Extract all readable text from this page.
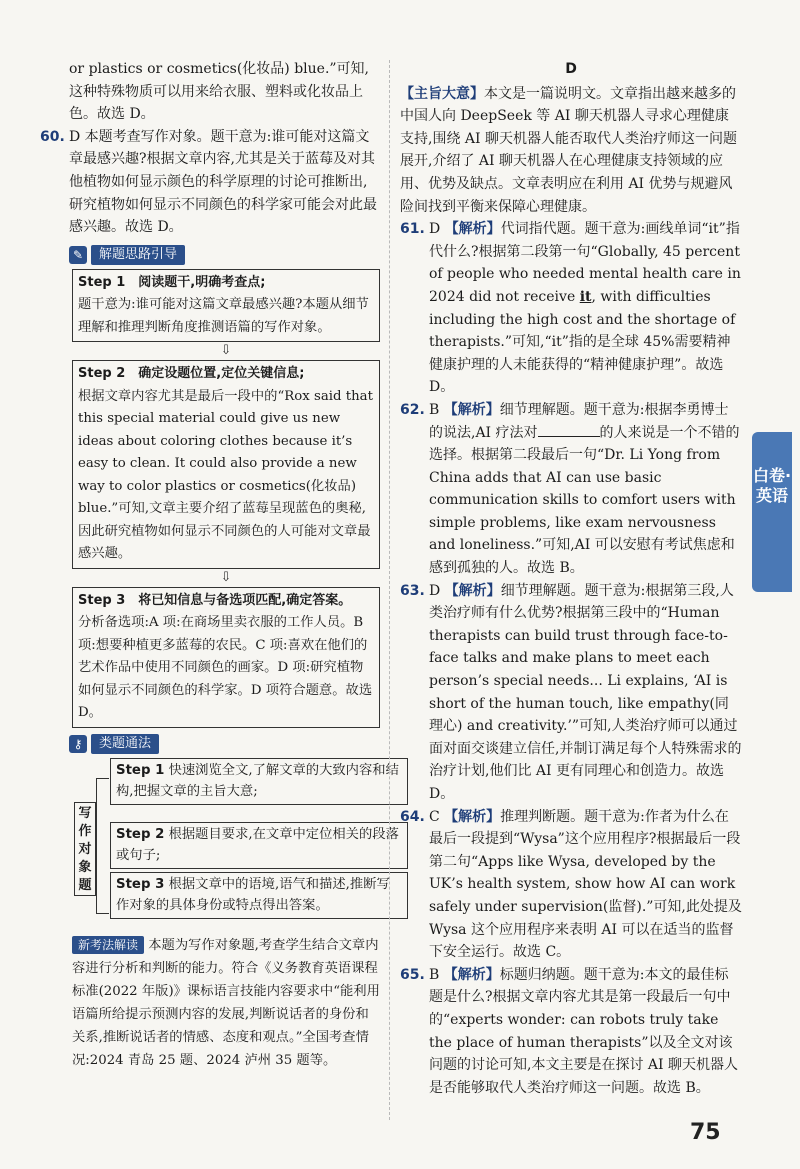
or plastics or cosmetics(化妆品) blue.”可知,这种特殊物质可以用来给衣服、塑料或化妆品上色。故选 D。

60. D 本题考查写作对象。题干意为:谁可能对这篇文章最感兴趣?根据文章内容,尤其是关于蓝莓及对其他植物如何显示颜色的科学原理的讨论可推断出,研究植物如何显示不同颜色的科学家可能会对此最感兴趣。故选 D。

✎	解题思路引导
Step 1　阅读题干,明确考查点;
题干意为:谁可能对这篇文章最感兴趣?本题从细节理解和推理判断角度推测语篇的写作对象。
⇩
Step 2　确定设题位置,定位关键信息;
根据文章内容尤其是最后一段中的“Rox said that this special material could give us new ideas about coloring clothes because it’s easy to clean. It could also provide a new way to color plastics or cosmetics(化妆品) blue.”可知,文章主要介绍了蓝莓呈现蓝色的奥秘,因此研究植物如何显示不同颜色的人可能对文章最感兴趣。
⇩
Step 3　将已知信息与备选项匹配,确定答案。
分析备选项:A 项:在商场里卖衣服的工作人员。B 项:想要种植更多蓝莓的农民。C 项:喜欢在他们的艺术作品中使用不同颜色的画家。D 项:研究植物如何显示不同颜色的科学家。D 项符合题意。故选 D。
⚷	类题通法
写作对象题
Step 1 快速浏览全文,了解文章的大致内容和结构,把握文章的主旨大意;
Step 2 根据题目要求,在文章中定位相关的段落或句子;
Step 3 根据文章中的语境,语气和描述,推断写作对象的具体身份或特点得出答案。
新考法解读 本题为写作对象题,考查学生结合文章内容进行分析和判断的能力。符合《义务教育英语课程标准(2022 年版)》课标语言技能内容要求中“能利用语篇所给提示预测内容的发展,判断说话者的身份和关系,推断说话者的情感、态度和观点。”全国考查情况:2024 青岛 25 题、2024 泸州 35 题等。
D

【主旨大意】本文是一篇说明文。文章指出越来越多的中国人向 DeepSeek 等 AI 聊天机器人寻求心理健康支持,围绕 AI 聊天机器人能否取代人类治疗师这一问题展开,介绍了 AI 聊天机器人在心理健康支持领域的应用、优势及缺点。文章表明应在利用 AI 优势与规避风险间找到平衡来保障心理健康。

61. D 【解析】代词指代题。题干意为:画线单词“it”指代什么?根据第二段第一句“Globally, 45 percent of people who needed mental health care in 2024 did not receive it, with difficulties including the high cost and the shortage of therapists.”可知,“it”指的是全球 45%需要精神健康护理的人未能获得的“精神健康护理”。故选 D。

62. B 【解析】细节理解题。题干意为:根据李勇博士的说法,AI 疗法对	的人来说是一个不错的选择。根据第二段最后一句“Dr. Li Yong from China adds that AI can use basic communication skills to comfort users with simple problems, like exam nervousness and loneliness.”可知,AI 可以安慰有考试焦虑和感到孤独的人。故选 B。

63. D 【解析】细节理解题。题干意为:根据第三段,人类治疗师有什么优势?根据第三段中的“Human therapists can build trust through face-to-face talks and make plans to meet each person’s special needs... Li explains, ‘AI is short of the human touch, like empathy(同理心) and creativity.’”可知,人类治疗师可以通过面对面交谈建立信任,并制订满足每个人特殊需求的治疗计划,他们比 AI 更有同理心和创造力。故选 D。

64. C 【解析】推理判断题。题干意为:作者为什么在最后一段提到“Wysa”这个应用程序?根据最后一段第二句“Apps like Wysa, developed by the UK’s health system, show how AI can work safely under supervision(监督).”可知,此处提及 Wysa 这个应用程序来表明 AI 可以在适当的监督下安全运行。故选 C。

65. B 【解析】标题归纳题。题干意为:本文的最佳标题是什么?根据文章内容尤其是第一段最后一句中的“experts wonder: can robots truly take the place of human therapists”以及全文对该问题的讨论可知,本文主要是在探讨 AI 聊天机器人是否能够取代人类治疗师这一问题。故选 B。

白卷·英语
75
